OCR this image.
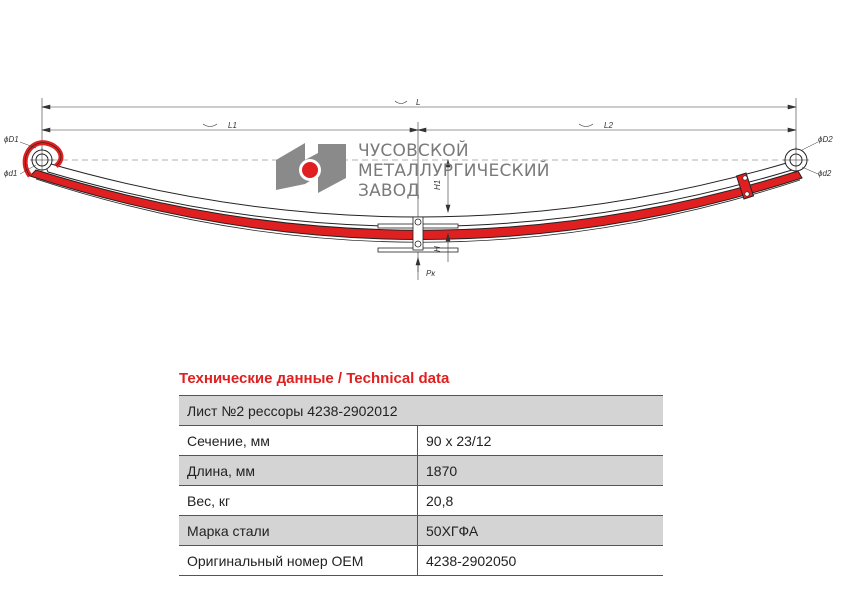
L
L1	L2
H1
H
Pк
ϕD1
ϕd1
ϕD2
ϕd2
ЧУСОВСКОЙ
МЕТАЛЛУРГИЧЕСКИЙ
ЗАВОД
Технические данные / Technical data
Лист №2 рессоры 4238-2902012	
Сечение, мм	90 x 23/12
Длина, мм	1870
Вес, кг	20,8
Марка стали	50ХГФА
Оригинальный номер OEM	4238-2902050
